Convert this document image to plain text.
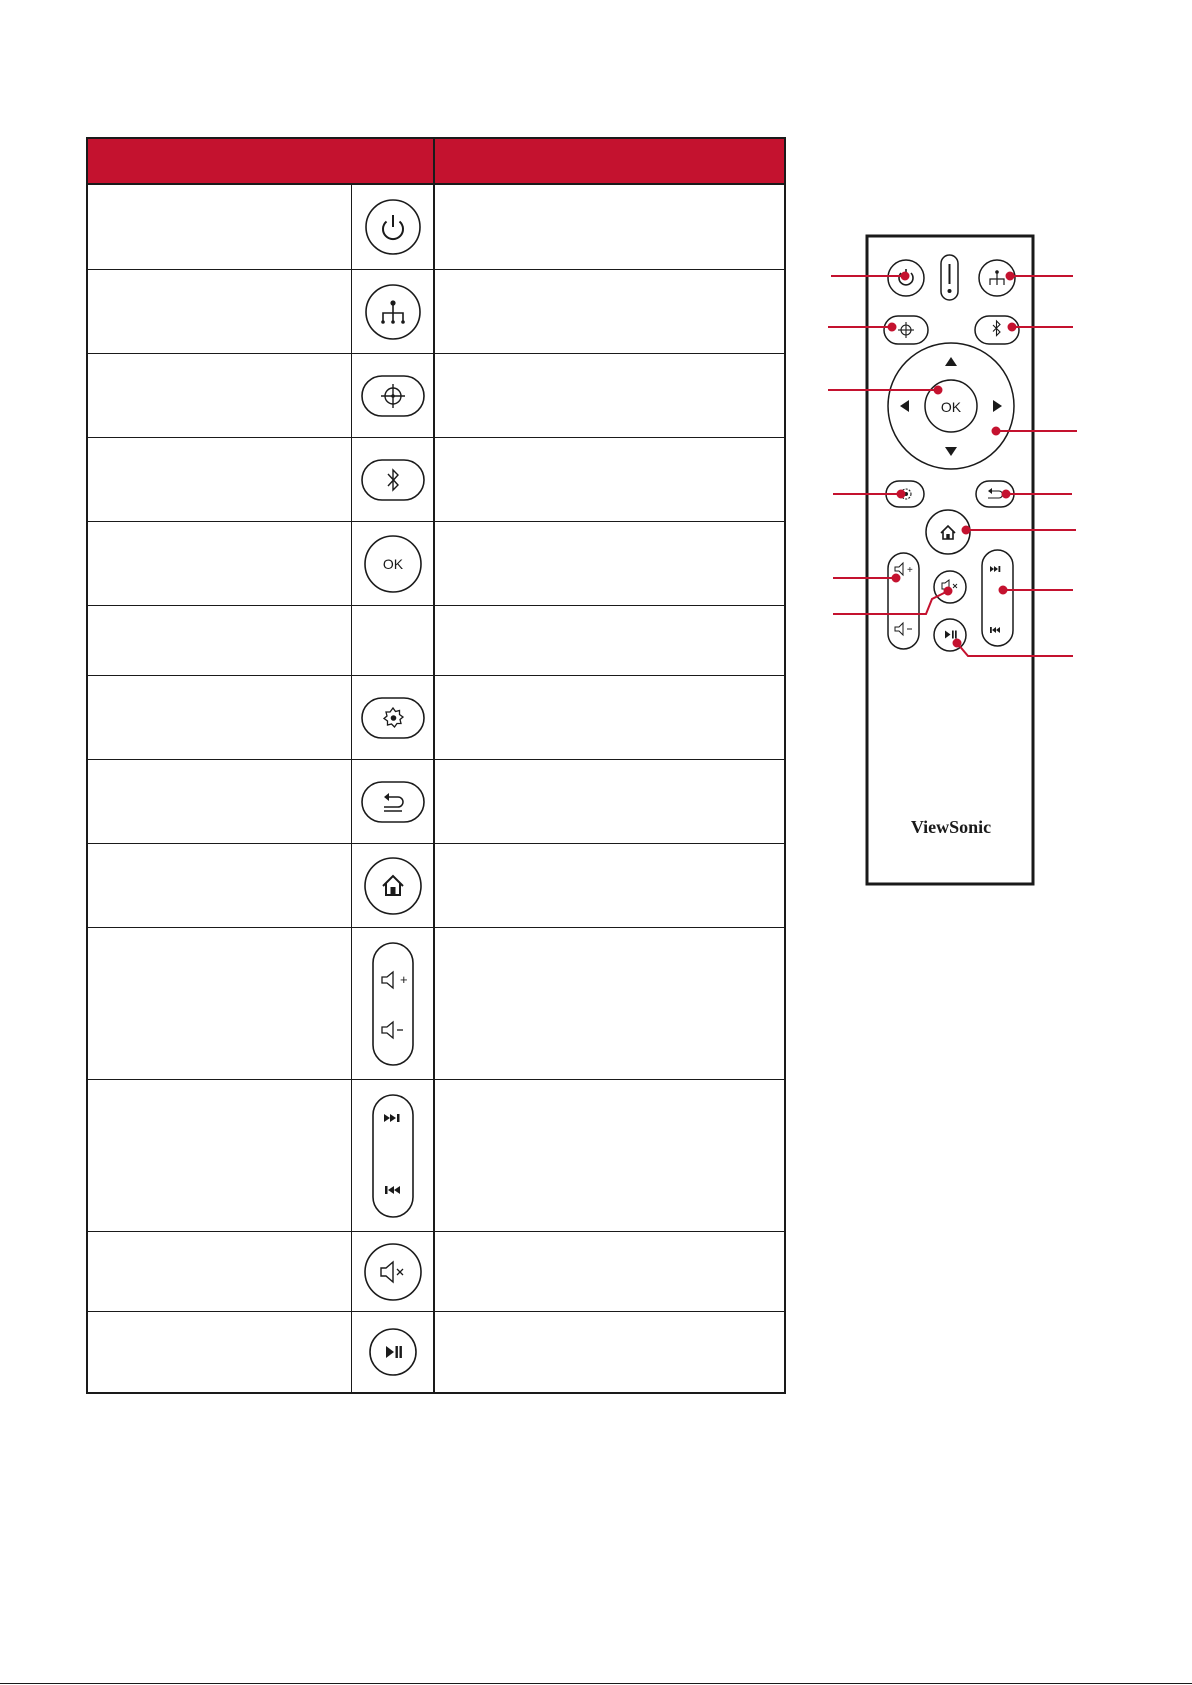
OK
+
OK
+
ViewSonic
